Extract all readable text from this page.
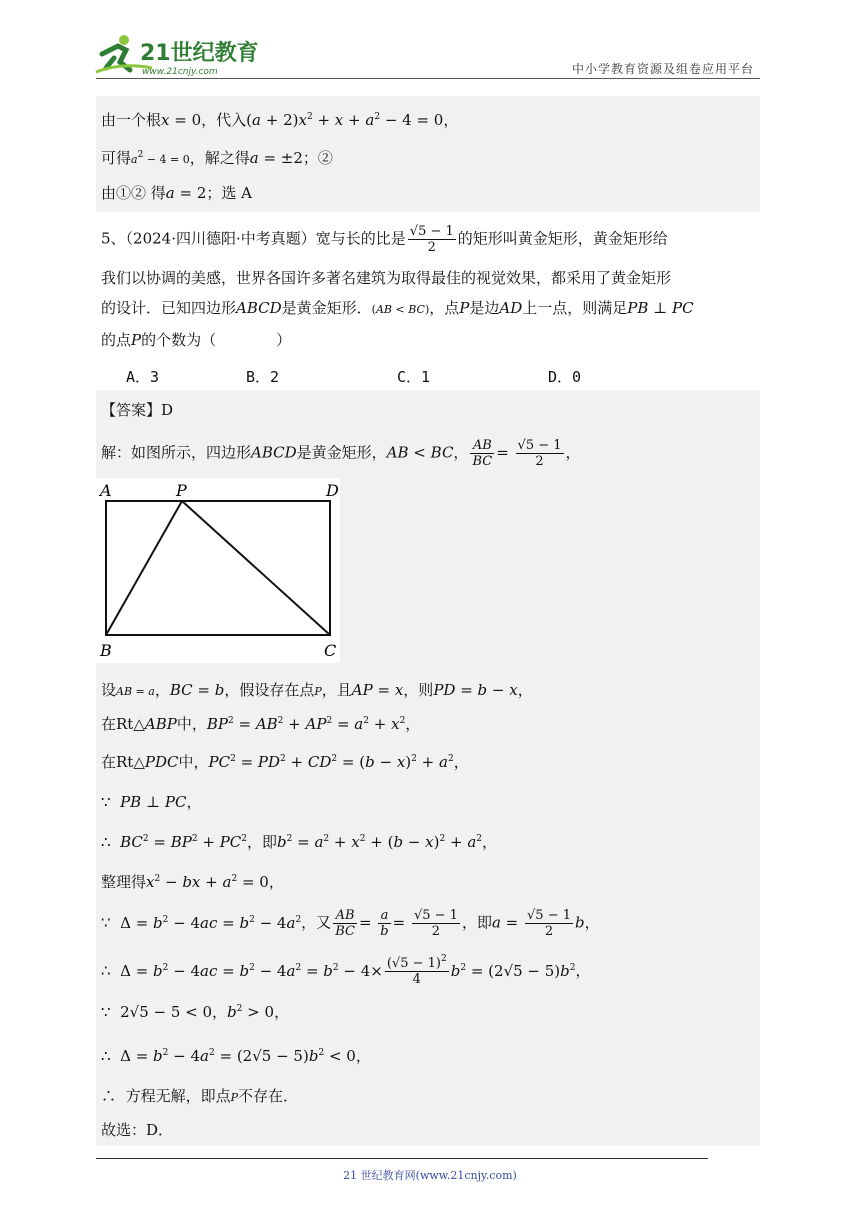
21世纪教育
www.21cnjy.com	中小学教育资源及组卷应用平台
由一个根x = 0，代入$(a + 2)x^2 + x + a^2 - 4 = 0$，
可得$a^2 - 4 = 0$，解之得a = ±2；②
由①② 得a = 2；选 A
5、（2024·四川德阳·中考真题）宽与长的比是 $\frac{√5 - 1}{2}$ 的矩形叫黄金矩形，黄金矩形给
我们以协调的美感，世界各国许多著名建筑为取得最佳的视觉效果，都采用了黄金矩形
的设计．已知四边形ABCD是黄金矩形．(AB < BC)，点P是边AD上一点，则满足PB ⊥ PC
的点P的个数为（　　　　）
A．3	B．2	C．1	D．0
【答案】D
解：如图所示，四边形ABCD是黄金矩形，AB < BC， $\frac{AB}{BC} = \frac{√5 - 1}{2}$ ，
A	P	D
B	C
设AB = a，BC = b，假设存在点P，且AP = x，则PD = b − x，
在Rt△ABP中，$BP^2 = AB^2 + AP^2 = a^2 + x^2$，
在Rt△PDC中，$PC^2 = PD^2 + CD^2 = (b - x)^2 + a^2$，
∵ PB ⊥ PC，
∴ $BC^2 = BP^2 + PC^2$，即$b^2 = a^2 + x^2 + (b - x)^2 + a^2$，
整理得$x^2$ − bx + $a^2 = 0$，
∵ $\Delta = b^2 - 4ac = b^2 - 4a^2$，又 $\frac{AB}{BC} = \frac{a}{b} = \frac{√5 - 1}{2}$ ，即$a = \frac{√5 - 1}{2}$ b，
∴ $\Delta = b^2 - 4ac = b^2 - 4a^2 = b^2 - 4\times \frac{(√5 - 1)^2}{4} b^2 = (2√5 - 5)b^2$，
∵ 2√5 − 5 < 0，$b^2 > 0$，
∴ $\Delta = b^2 - 4a^2 = (2√5 - 5)b^2 < 0$，
∴ 方程无解，即点P不存在．
故选：D．
21 世纪教育网(www.21cnjy.com)
